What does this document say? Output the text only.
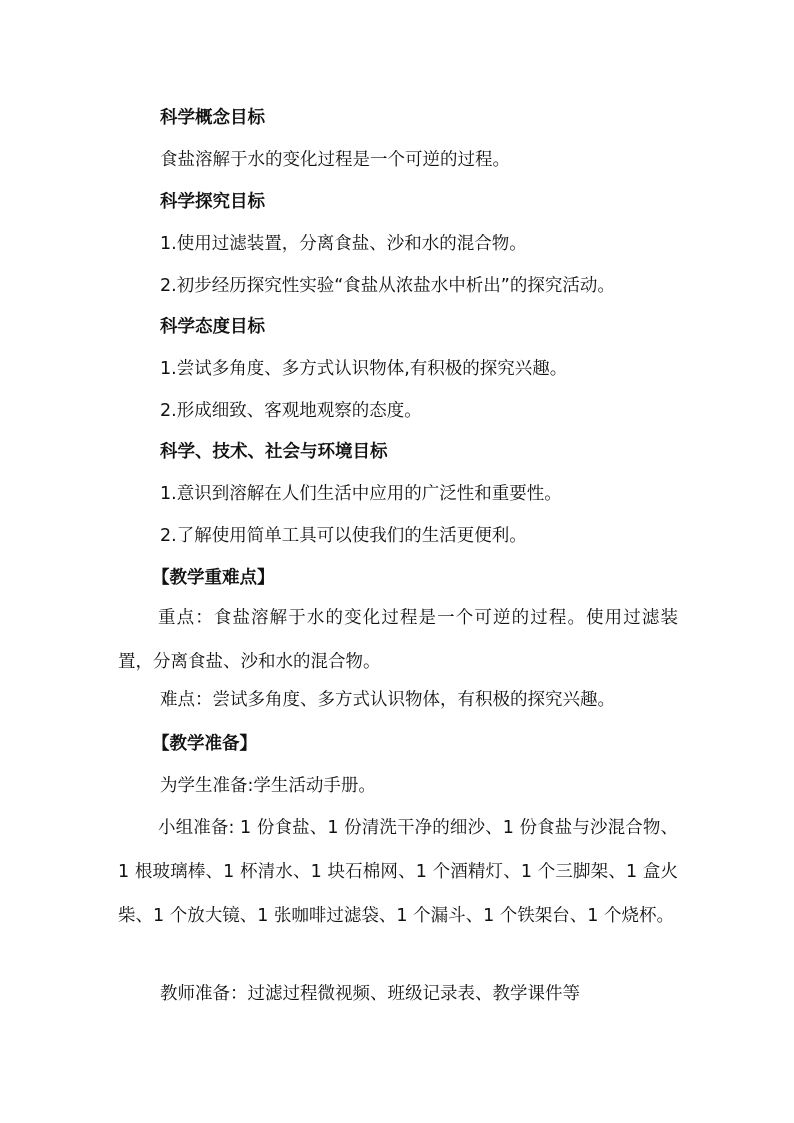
科学概念目标
食盐溶解于水的变化过程是一个可逆的过程。
科学探究目标
1.使用过滤装置，分离食盐、沙和水的混合物。
2.初步经历探究性实验“食盐从浓盐水中析出”的探究活动。
科学态度目标
1.尝试多角度、多方式认识物体,有积极的探究兴趣。
2.形成细致、客观地观察的态度。
科学、技术、社会与环境目标
1.意识到溶解在人们生活中应用的广泛性和重要性。
2.了解使用简单工具可以使我们的生活更便利。
【教学重难点】
重点：食盐溶解于水的变化过程是一个可逆的过程。使用过滤装置，分离食盐、沙和水的混合物。
难点：尝试多角度、多方式认识物体，有积极的探究兴趣。
【教学准备】
为学生准备:学生活动手册。
小组准备: 1 份食盐、1 份清洗干净的细沙、1 份食盐与沙混合物、1 根玻璃棒、1 杯清水、1 块石棉网、1 个酒精灯、1 个三脚架、1 盒火柴、1 个放大镜、1 张咖啡过滤袋、1 个漏斗、1 个铁架台、1 个烧杯。
教师准备：过滤过程微视频、班级记录表、教学课件等
